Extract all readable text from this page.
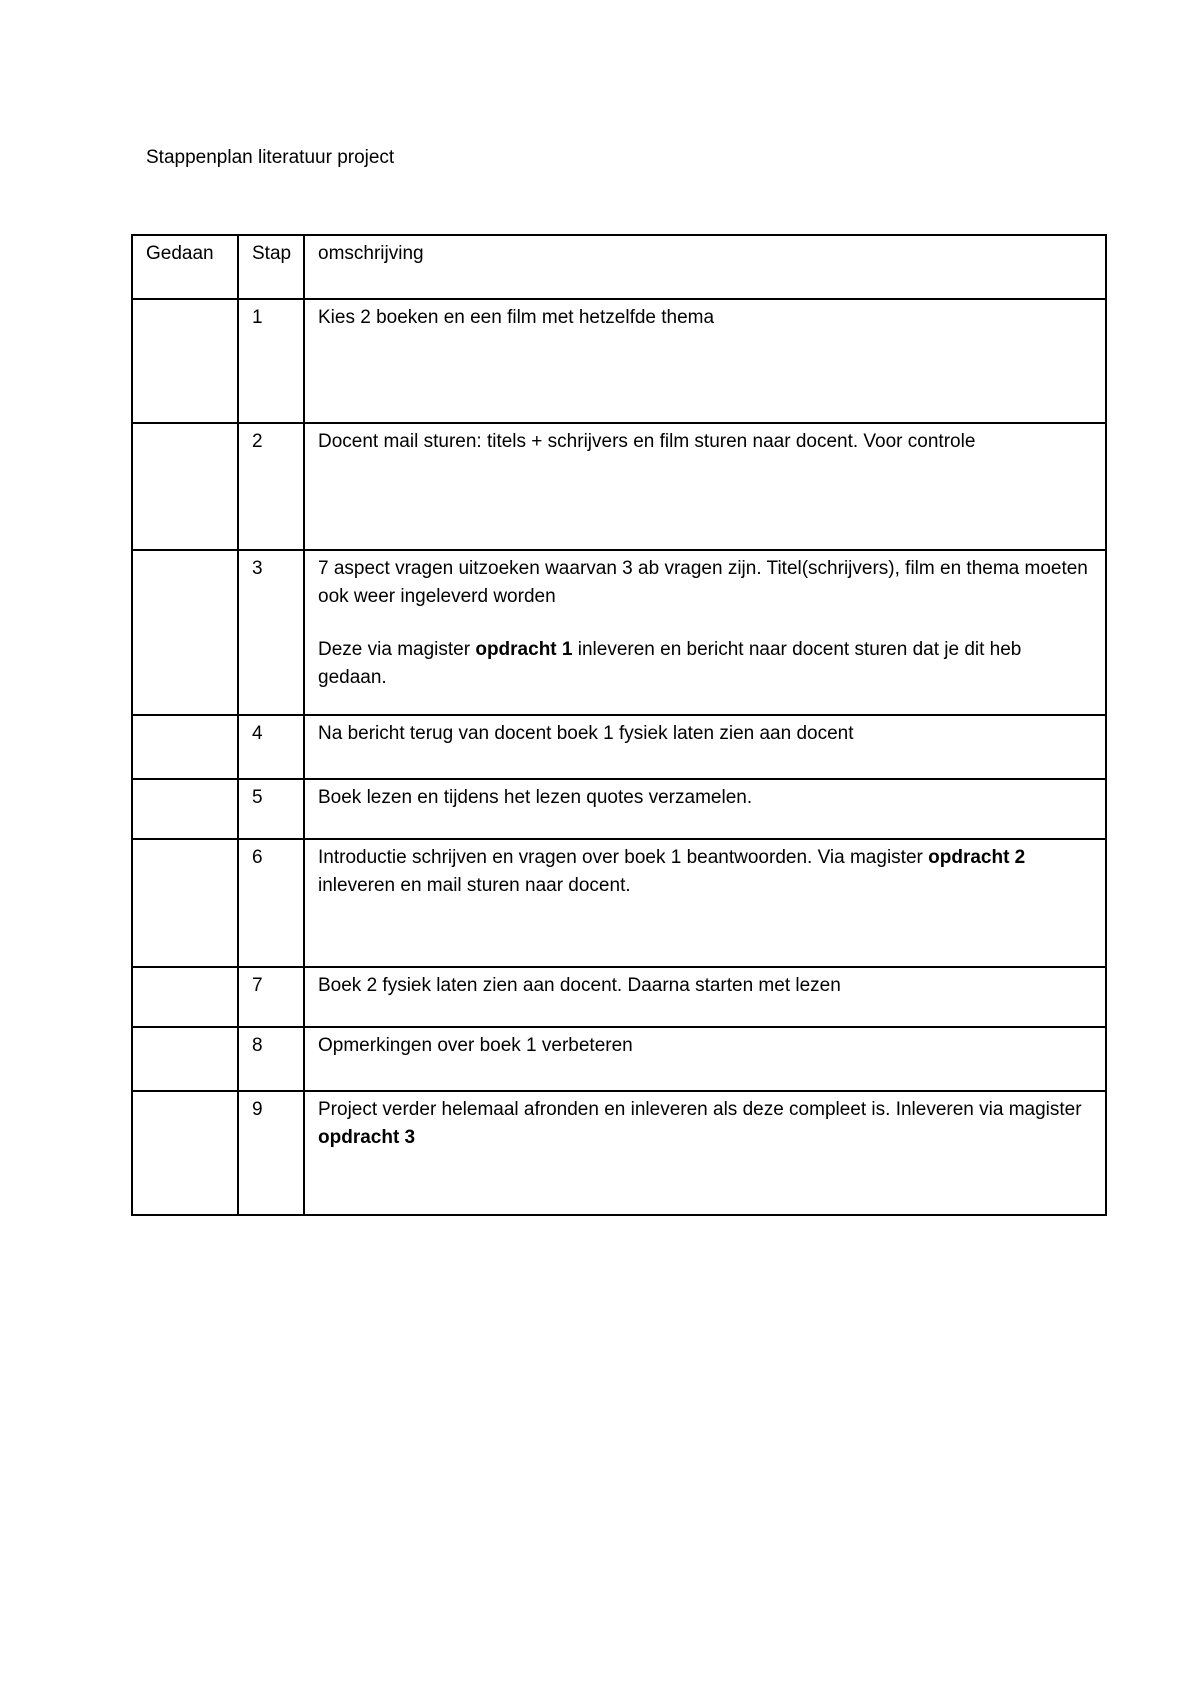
Stappenplan literatuur project
Gedaan	Stap	omschrijving
	1	Kies 2 boeken en een film met hetzelfde thema

	2	Docent mail sturen: titels + schrijvers en film sturen naar docent. Voor controle

	3	7 aspect vragen uitzoeken waarvan 3 ab vragen zijn. Titel(schrijvers), film en thema moeten ook weer ingeleverd worden

Deze via magister opdracht 1 inleveren en bericht naar docent sturen dat je dit heb gedaan.

	4	Na bericht terug van docent boek 1 fysiek laten zien aan docent

	5	Boek lezen en tijdens het lezen quotes verzamelen.

	6	Introductie schrijven en vragen over boek 1 beantwoorden. Via magister opdracht 2 inleveren en mail sturen naar docent.

	7	Boek 2 fysiek laten zien aan docent. Daarna starten met lezen

	8	Opmerkingen over boek 1 verbeteren

	9	Project verder helemaal afronden en inleveren als deze compleet is. Inleveren via magister opdracht 3
